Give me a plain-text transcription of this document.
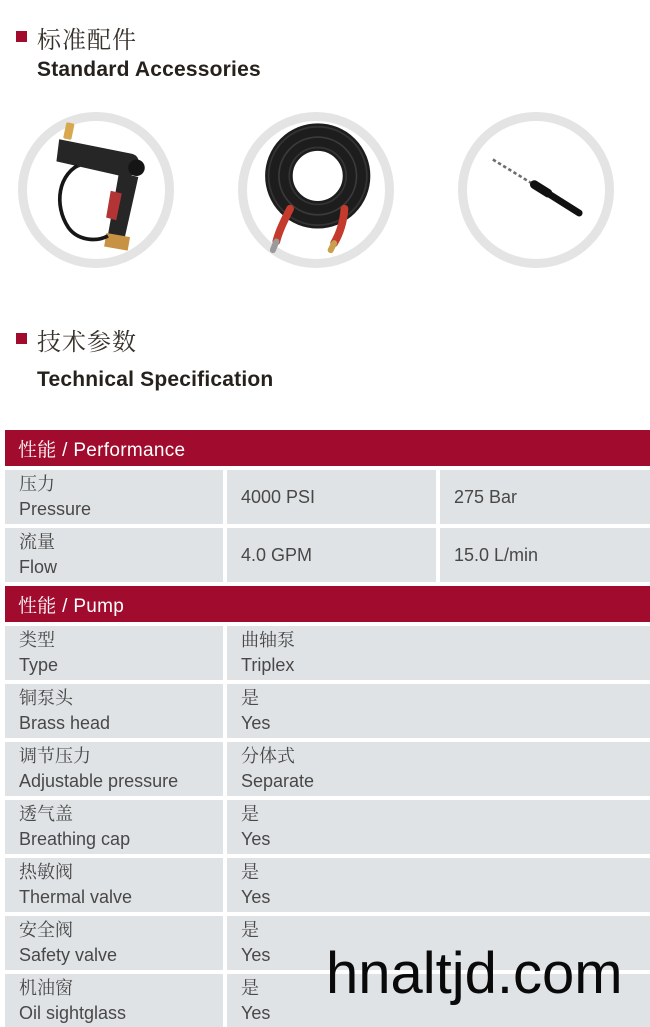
标准配件
Standard Accessories
技术参数
Technical Specification
性能 / Performance
压力
Pressure
4000 PSI	275 Bar
流量
Flow
4.0 GPM	15.0 L/min
性能 / Pump
类型
Type
曲轴泵
Triplex
铜泵头
Brass head
是
Yes
调节压力
Adjustable pressure
分体式
Separate
透气盖
Breathing cap
是
Yes
热敏阀
Thermal valve
是
Yes
安全阀
Safety valve
是
Yes
机油窗
Oil sightglass
是
Yes
hnaltjd.com
